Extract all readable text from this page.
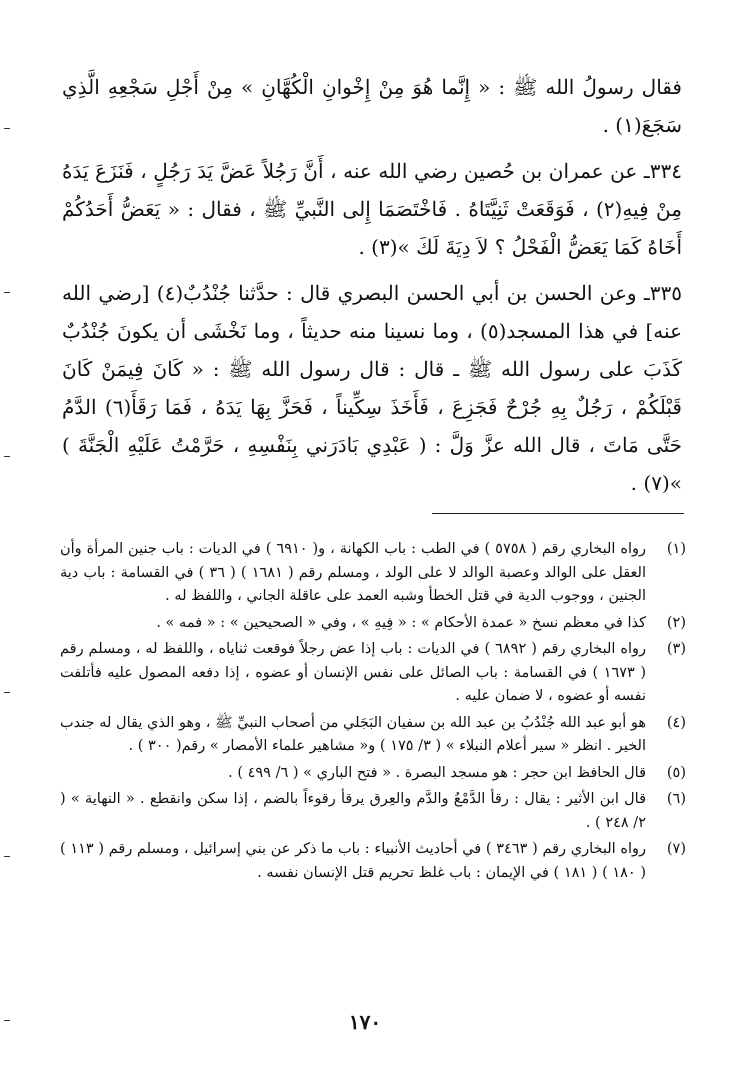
فقال رسولُ الله ﷺ : « إِنَّما هُوَ مِنْ إِخْوانِ الْكُهَّانِ » مِنْ أَجْلِ سَجْعِهِ الَّذِي سَجَعَ(١) .

٣٣٤ـ عن عمران بن حُصين رضي الله عنه ، أَنَّ رَجُلاً عَضَّ يَدَ رَجُلٍ ، فَنَزَعَ يَدَهُ مِنْ فِيهِ(٢) ، فَوَقَعَتْ ثَنِيَّتَاهُ . فَاخْتَصَمَا إِلى النَّبيِّ ﷺ ، فقال : « يَعَضُّ أَحَدُكُمْ أَخَاهُ كَمَا يَعَضُّ الْفَحْلُ ؟ لاَ دِيَةَ لَكَ »(٣) .

٣٣٥ـ وعن الحسن بن أبي الحسن البصري قال : حدَّثنا جُنْدُبٌ(٤) [رضي الله عنه] في هذا المسجد(٥) ، وما نسينا منه حديثاً ، وما نَخْشَى أن يكونَ جُنْدُبٌ كَذَبَ على رسول الله ﷺ ـ قال : قال رسول الله ﷺ : « كَانَ فِيمَنْ كَانَ قَبْلَكُمْ ، رَجُلٌ بِهِ جُرْحٌ فَجَزِعَ ، فَأَخَذَ سِكِّيناً ، فَحَزَّ بِهَا يَدَهُ ، فَمَا رَقَأَ(٦) الدَّمُ حَتَّى مَاتَ ، قال الله عزَّ وَلَّ : ( عَبْدِي بَادَرَني بِنَفْسِهِ ، حَرَّمْتُ عَلَيْهِ الْجَنَّةَ ) »(٧) .

(١)
رواه البخاري رقم ( ٥٧٥٨ ) في الطب : باب الكهانة ، و( ٦٩١٠ ) في الديات : باب جنين المرأة وأن العقل على الوالد وعصبة الوالد لا على الولد ، ومسلم رقم ( ١٦٨١ ) ( ٣٦ ) في القسامة : باب دية الجنين ، ووجوب الدية في قتل الخطأ وشبه العمد على عاقلة الجاني ، واللفظ له .
(٢)
كذا في معظم نسخ « عمدة الأحكام » : « فِيهِ » ، وفي « الصحيحين » : « فمه » .
(٣)
رواه البخاري رقم ( ٦٨٩٢ ) في الديات : باب إذا عض رجلاً فوقعت ثناياه ، واللفظ له ، ومسلم رقم ( ١٦٧٣ ) في القسامة : باب الصائل على نفس الإنسان أو عضوه ، إذا دفعه المصول عليه فأتلفت نفسه أو عضوه ، لا ضمان عليه .
(٤)
هو أبو عبد الله جُنْدُبُ بن عبد الله بن سفيان البَجَلي من أصحاب النبيِّ ﷺ ، وهو الذي يقال له جندب الخير . انظر « سير أعلام النبلاء » ( ٣/ ١٧٥ ) و« مشاهير علماء الأمصار » رقم( ٣٠٠ ) .
(٥)
قال الحافظ ابن حجر : هو مسجد البصرة . « فتح الباري » ( ٦/ ٤٩٩ ) .
(٦)
قال ابن الأثير : يقال : رقأ الدَّمْعُ والدَّم والعِرق يرقأ رقوءاً بالضم ، إذا سكن وانقطع . « النهاية » ( ٢/ ٢٤٨ ) .
(٧)
رواه البخاري رقم ( ٣٤٦٣ ) في أحاديث الأنبياء : باب ما ذكر عن بني إسرائيل ، ومسلم رقم ( ١١٣ ) ( ١٨٠ ) ( ١٨١ ) في الإيمان : باب غلظ تحريم قتل الإنسان نفسه .
١٧٠
